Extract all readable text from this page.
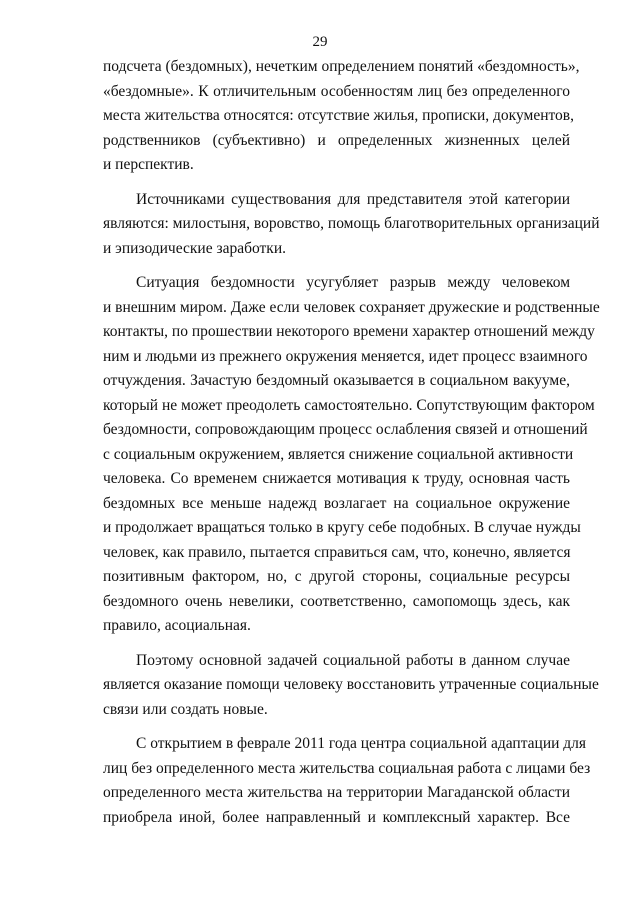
29

подсчета (бездомных), нечетким определением понятий «бездомность»,
«бездомные». К отличительным особенностям лиц без определенного
места жительства относятся: отсутствие жилья, прописки, документов,
родственников (субъективно) и определенных жизненных целей
и перспектив.

Источниками существования для представителя этой категории
являются: милостыня, воровство, помощь благотворительных организаций
и эпизодические заработки.

Ситуация бездомности усугубляет разрыв между человеком
и внешним миром. Даже если человек сохраняет дружеские и родственные
контакты, по прошествии некоторого времени характер отношений между
ним и людьми из прежнего окружения меняется, идет процесс взаимного
отчуждения. Зачастую бездомный оказывается в социальном вакууме,
который не может преодолеть самостоятельно. Сопутствующим фактором
бездомности, сопровождающим процесс ослабления связей и отношений
с социальным окружением, является снижение социальной активности
человека. Со временем снижается мотивация к труду, основная часть
бездомных все меньше надежд возлагает на социальное окружение
и продолжает вращаться только в кругу себе подобных. В случае нужды
человек, как правило, пытается справиться сам, что, конечно, является
позитивным фактором, но, с другой стороны, социальные ресурсы
бездомного очень невелики, соответственно, самопомощь здесь, как
правило, асоциальная.

Поэтому основной задачей социальной работы в данном случае
является оказание помощи человеку восстановить утраченные социальные
связи или создать новые.

С открытием в феврале 2011 года центра социальной адаптации для
лиц без определенного места жительства социальная работа с лицами без
определенного места жительства на территории Магаданской области
приобрела иной, более направленный и комплексный характер. Все
